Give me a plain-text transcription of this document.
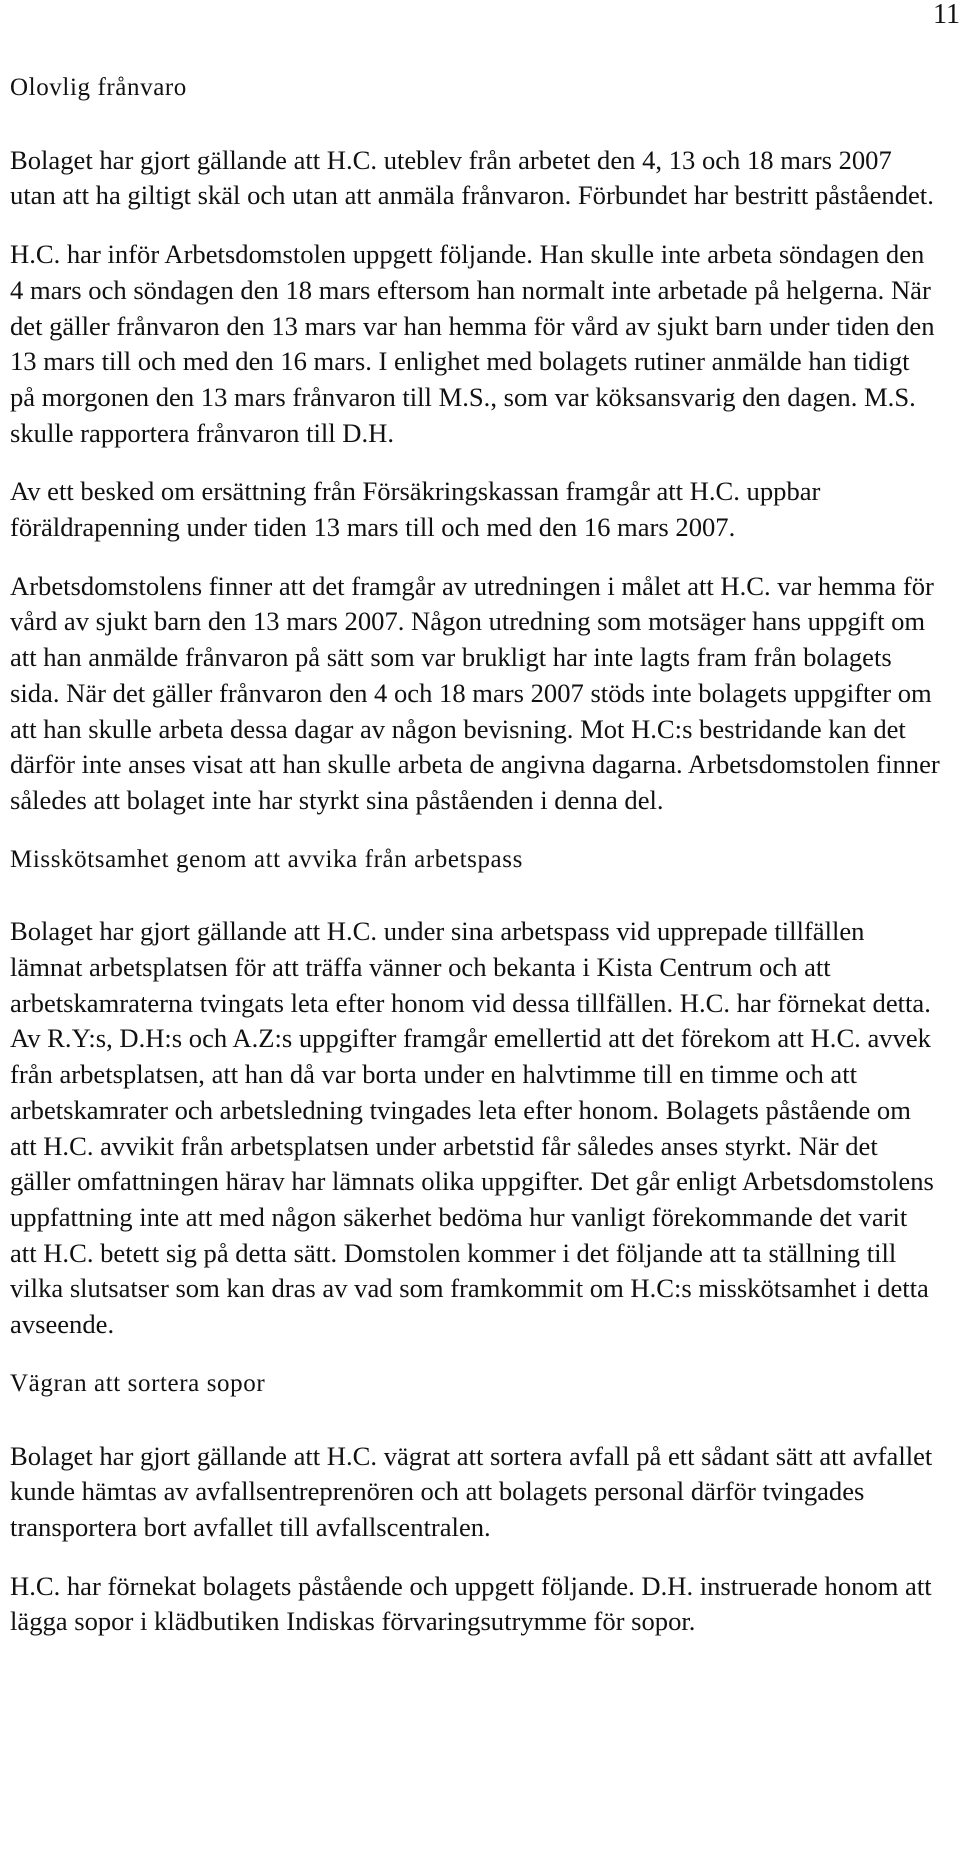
11
Olovlig frånvaro

Bolaget har gjort gällande att H.C. uteblev från arbetet den 4, 13 och 18 mars 2007 utan att ha giltigt skäl och utan att anmäla frånvaron. Förbundet har bestritt påståendet.

H.C. har inför Arbetsdomstolen uppgett följande. Han skulle inte arbeta söndagen den 4 mars och söndagen den 18 mars eftersom han normalt inte arbetade på helgerna. När det gäller frånvaron den 13 mars var han hemma för vård av sjukt barn under tiden den 13 mars till och med den 16 mars. I enlighet med bolagets rutiner anmälde han tidigt på morgonen den 13 mars frånvaron till M.S., som var köksansvarig den dagen. M.S. skulle rapportera frånvaron till D.H.

Av ett besked om ersättning från Försäkringskassan framgår att H.C. uppbar föräldrapenning under tiden 13 mars till och med den 16 mars 2007.

Arbetsdomstolens finner att det framgår av utredningen i målet att H.C. var hemma för vård av sjukt barn den 13 mars 2007. Någon utredning som motsäger hans uppgift om att han anmälde frånvaron på sätt som var brukligt har inte lagts fram från bolagets sida. När det gäller frånvaron den 4 och 18 mars 2007 stöds inte bolagets uppgifter om att han skulle arbeta dessa dagar av någon bevisning. Mot H.C:s bestridande kan det därför inte anses visat att han skulle arbeta de angivna dagarna. Arbetsdomstolen finner således att bolaget inte har styrkt sina påståenden i denna del.

Misskötsamhet genom att avvika från arbetspass

Bolaget har gjort gällande att H.C. under sina arbetspass vid upprepade tillfällen lämnat arbetsplatsen för att träffa vänner och bekanta i Kista Centrum och att arbetskamraterna tvingats leta efter honom vid dessa tillfällen. H.C. har förnekat detta. Av R.Y:s, D.H:s och A.Z:s uppgifter framgår emellertid att det förekom att H.C. avvek från arbetsplatsen, att han då var borta under en halvtimme till en timme och att arbetskamrater och arbetsledning tvingades leta efter honom. Bolagets påstående om att H.C. avvikit från arbetsplatsen under arbetstid får således anses styrkt. När det gäller omfattningen härav har lämnats olika uppgifter. Det går enligt Arbetsdomstolens uppfattning inte att med någon säkerhet bedöma hur vanligt förekommande det varit att H.C. betett sig på detta sätt. Domstolen kommer i det följande att ta ställning till vilka slutsatser som kan dras av vad som framkommit om H.C:s misskötsamhet i detta avseende.

Vägran att sortera sopor

Bolaget har gjort gällande att H.C. vägrat att sortera avfall på ett sådant sätt att avfallet kunde hämtas av avfallsentreprenören och att bolagets personal därför tvingades transportera bort avfallet till avfallscentralen.

H.C. har förnekat bolagets påstående och uppgett följande. D.H. instruerade honom att lägga sopor i klädbutiken Indiskas förvaringsutrymme för sopor.
